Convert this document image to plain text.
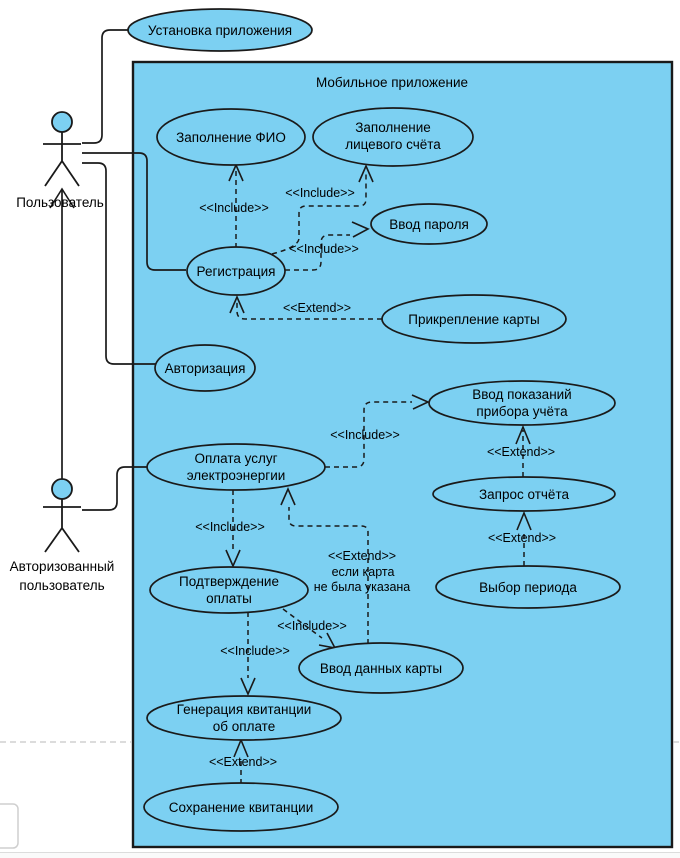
Мобильное приложение
Установка приложения
Заполнение ФИО
Заполнение
лицевого счёта
Ввод пароля
Регистрация
Прикрепление карты
Авторизация
Ввод показаний
прибора учёта
Оплата услуг
электроэнергии
Запрос отчёта
Выбор периода
Подтверждение
оплаты
Ввод данных карты
Генерация квитанции
об оплате
Сохранение квитанции
<<Include>>
<<Include>>
<<Include>>
<<Extend>>
<<Include>>
<<Extend>>
<<Extend>>
<<Include>>
<<Extend>>
если карта
не была указана
<<Include>>
<<Include>>
<<Extend>>
Пользователь
Авторизованный
пользователь
